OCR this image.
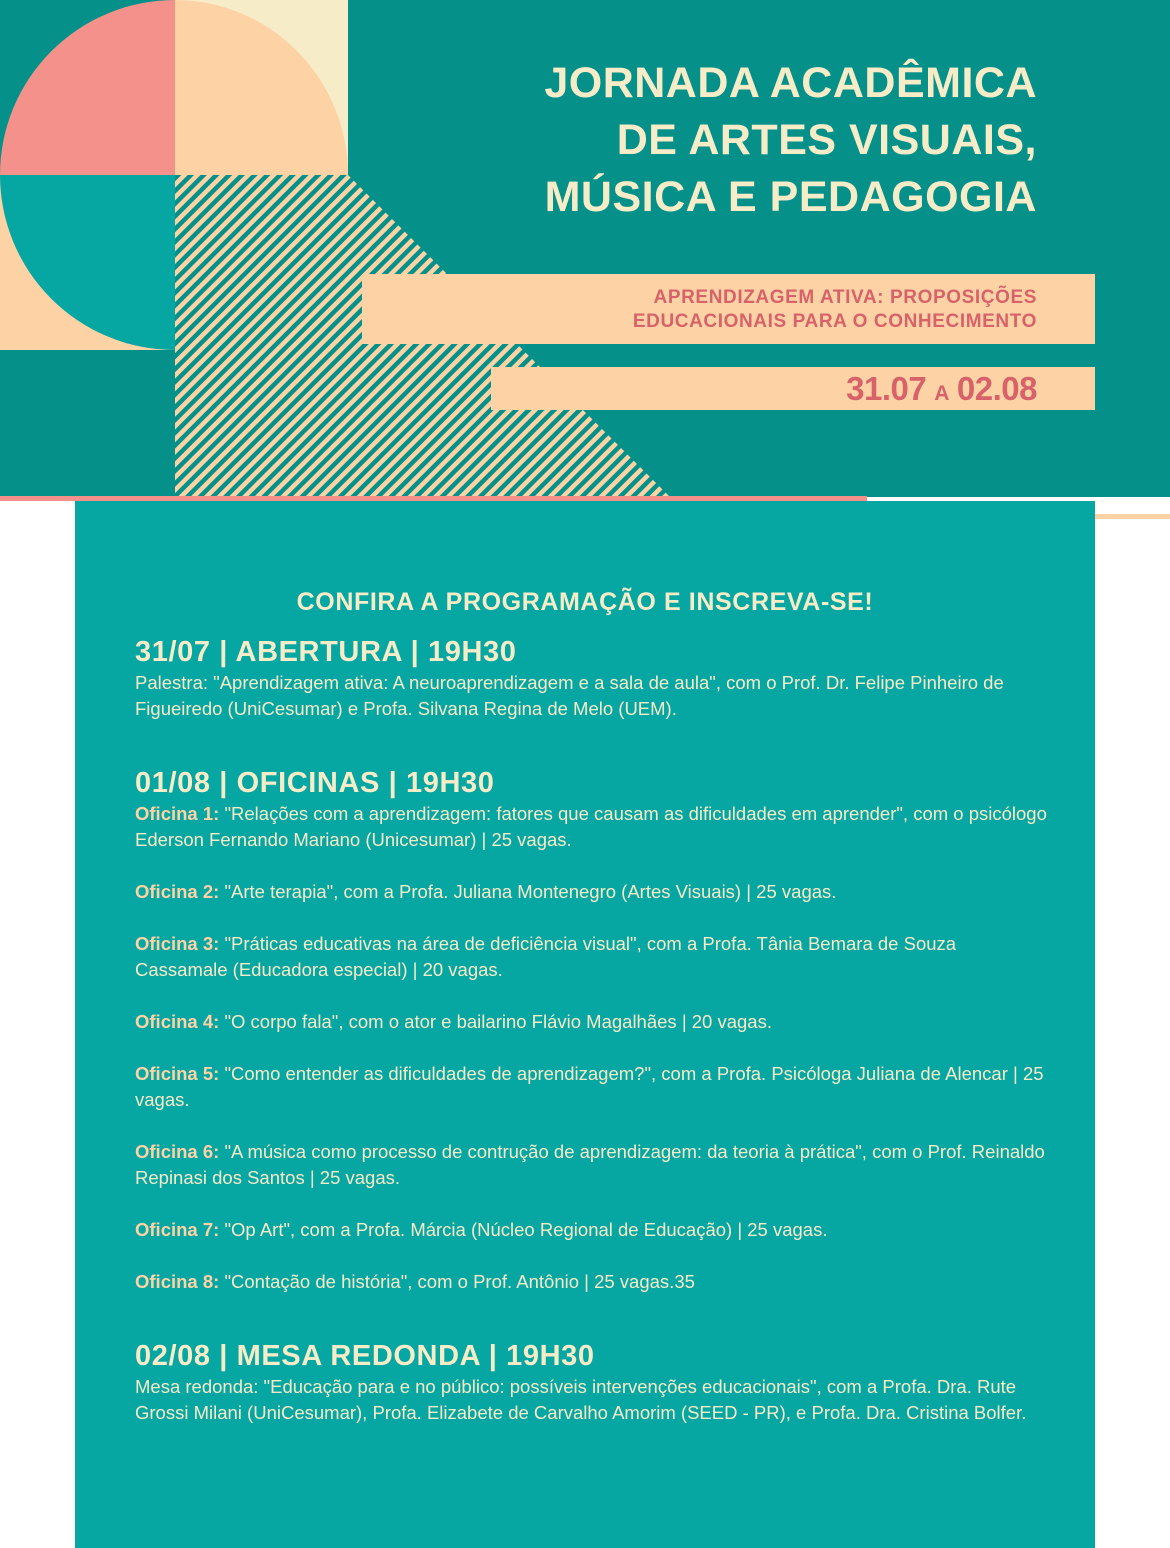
JORNADA ACADÊMICA
DE ARTES VISUAIS,
MÚSICA E PEDAGOGIA
APRENDIZAGEM ATIVA: PROPOSIÇÕES
EDUCACIONAIS PARA O CONHECIMENTO
31.07 A 02.08
CONFIRA A PROGRAMAÇÃO E INSCREVA-SE!
31/07 | ABERTURA | 19H30
Palestra: "Aprendizagem ativa: A neuroaprendizagem e a sala de aula", com o Prof. Dr. Felipe Pinheiro de Figueiredo (UniCesumar) e Profa. Silvana Regina de Melo (UEM).
01/08 | OFICINAS | 19H30
Oficina 1: "Relações com a aprendizagem: fatores que causam as dificuldades em aprender", com o psicólogo Ederson Fernando Mariano (Unicesumar) | 25 vagas.
Oficina 2: "Arte terapia", com a Profa. Juliana Montenegro (Artes Visuais) | 25 vagas.
Oficina 3: "Práticas educativas na área de deficiência visual", com a Profa. Tânia Bemara de Souza Cassamale (Educadora especial) | 20 vagas.
Oficina 4: "O corpo fala", com o ator e bailarino Flávio Magalhães | 20 vagas.
Oficina 5: "Como entender as dificuldades de aprendizagem?", com a Profa. Psicóloga Juliana de Alencar | 25 vagas.
Oficina 6: "A música como processo de contrução de aprendizagem: da teoria à prática", com o Prof. Reinaldo Repinasi dos Santos | 25 vagas.
Oficina 7: "Op Art", com a Profa. Márcia (Núcleo Regional de Educação) | 25 vagas.
Oficina 8: "Contação de história", com o Prof. Antônio | 25 vagas.35
02/08 | MESA REDONDA | 19H30
Mesa redonda: "Educação para e no público: possíveis intervenções educacionais", com a Profa. Dra. Rute Grossi Milani (UniCesumar), Profa. Elizabete de Carvalho Amorim (SEED - PR), e Profa. Dra. Cristina Bolfer.
